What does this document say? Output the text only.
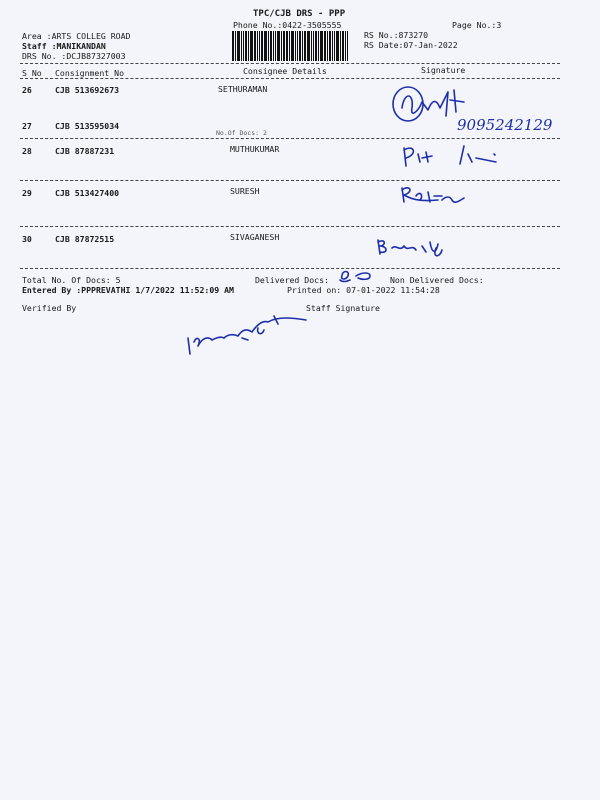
TPC/CJB DRS - PPP
Phone No.:0422-3505555	Page No.:3
Area :ARTS COLLEG ROAD
Staff :MANIKANDAN
DRS No. :DCJB87327003
RS No.:873270
RS Date:07-Jan-2022
S No Consignment No	Consignee Details	Signature
26	CJB 513692673	SETHURAMAN
27	CJB 513595034
No.Of Docs: 2
28	CJB 87887231	MUTHUKUMAR
29	CJB 513427400	SURESH
30	CJB 87872515	SIVAGANESH
Total No. Of Docs: 5	Delivered Docs:	Non Delivered Docs:
Entered By :PPPREVATHI 1/7/2022 11:52:09 AM	Printed on: 07-01-2022 11:54:28
Verified By	Staff Signature
9095242129
